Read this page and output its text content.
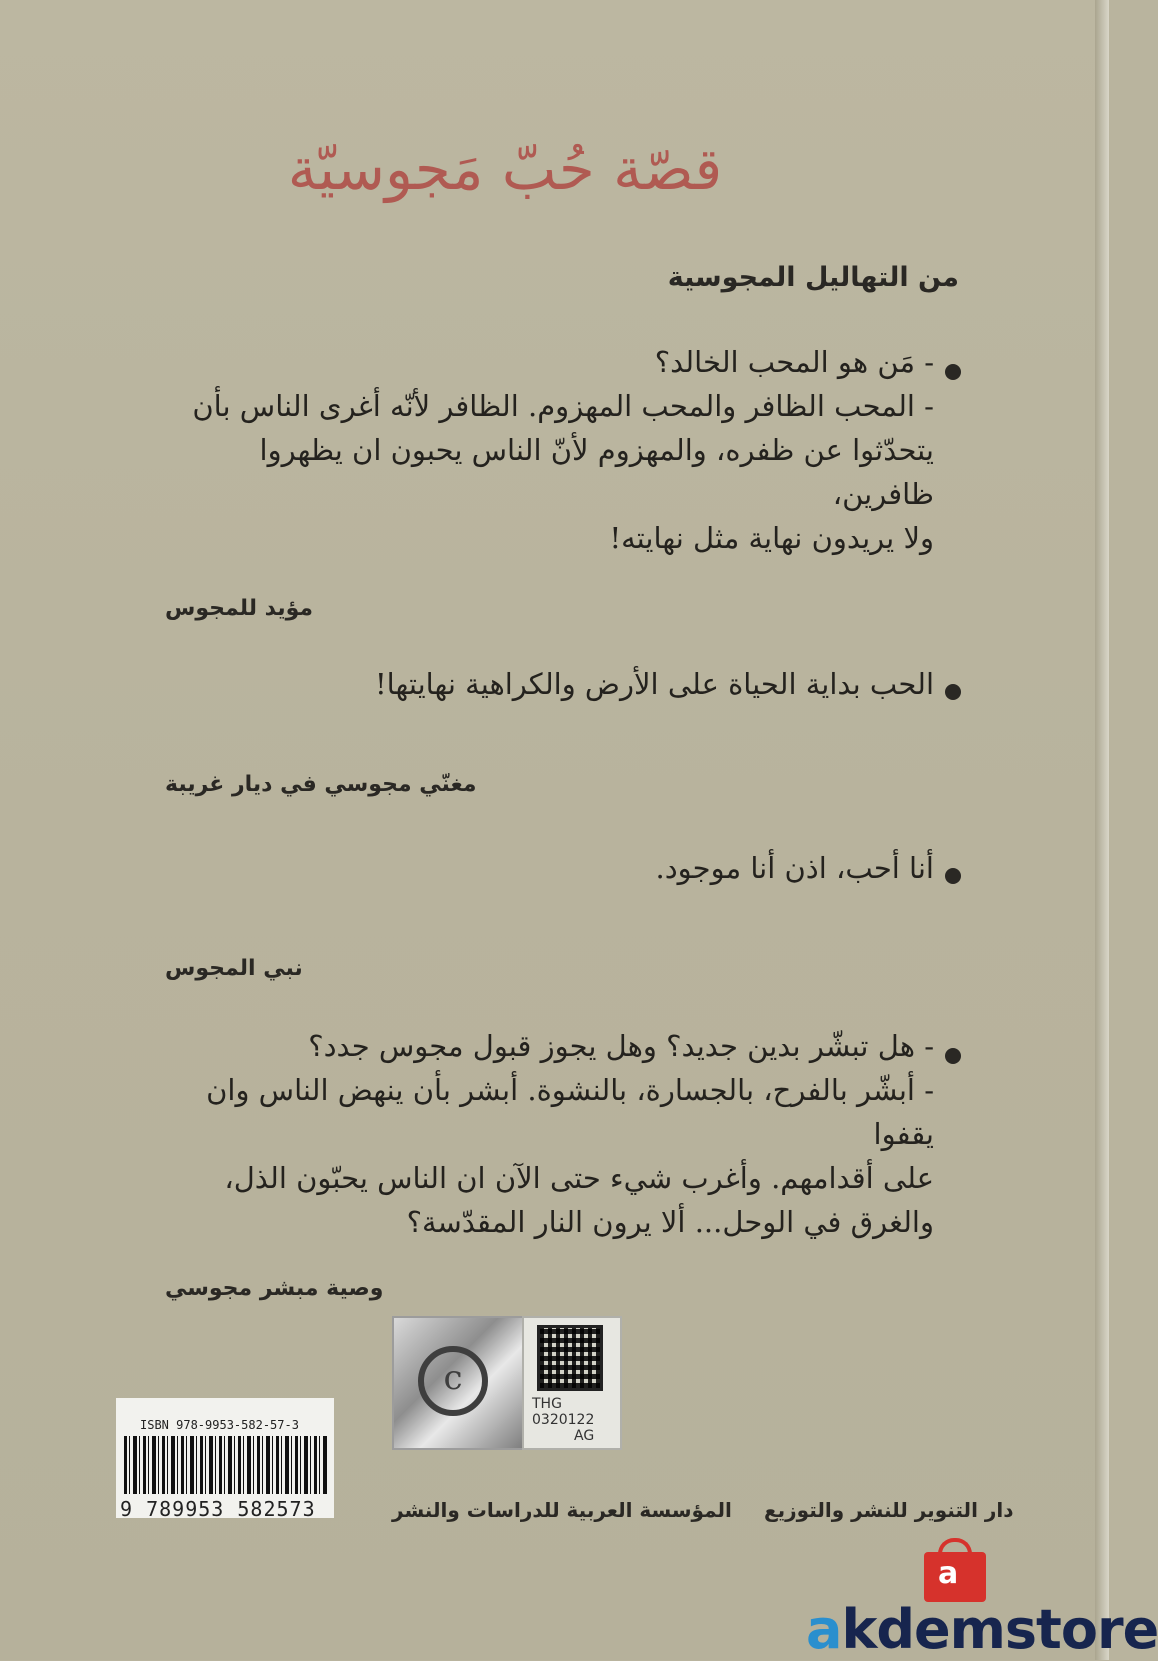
قصّة حُبّ مَجوسيّة
من التهاليل المجوسية
- مَن هو المحب الخالد؟
- المحب الظافر والمحب المهزوم. الظافر لأنّه أغرى الناس بأن
يتحدّثوا عن ظفره، والمهزوم لأنّ الناس يحبون ان يظهروا ظافرين،
ولا يريدون نهاية مثل نهايته!
مؤيد للمجوس
الحب بداية الحياة على الأرض والكراهية نهايتها!
مغنّي مجوسي في ديار غريبة
أنا أحب، اذن أنا موجود.
نبي المجوس
- هل تبشّر بدين جديد؟ وهل يجوز قبول مجوس جدد؟
- أبشّر بالفرح، بالجسارة، بالنشوة. أبشر بأن ينهض الناس وان يقفوا
على أقدامهم. وأغرب شيء حتى الآن ان الناس يحبّون الذل،
والغرق في الوحل... ألا يرون النار المقدّسة؟
وصية مبشر مجوسي
c
THG
0320122
AG
ISBN 978-9953-582-57-3
9 789953 582573	المؤسسة العربية للدراسات والنشر دار التنوير للنشر والتوزيع
a
akdemstore
